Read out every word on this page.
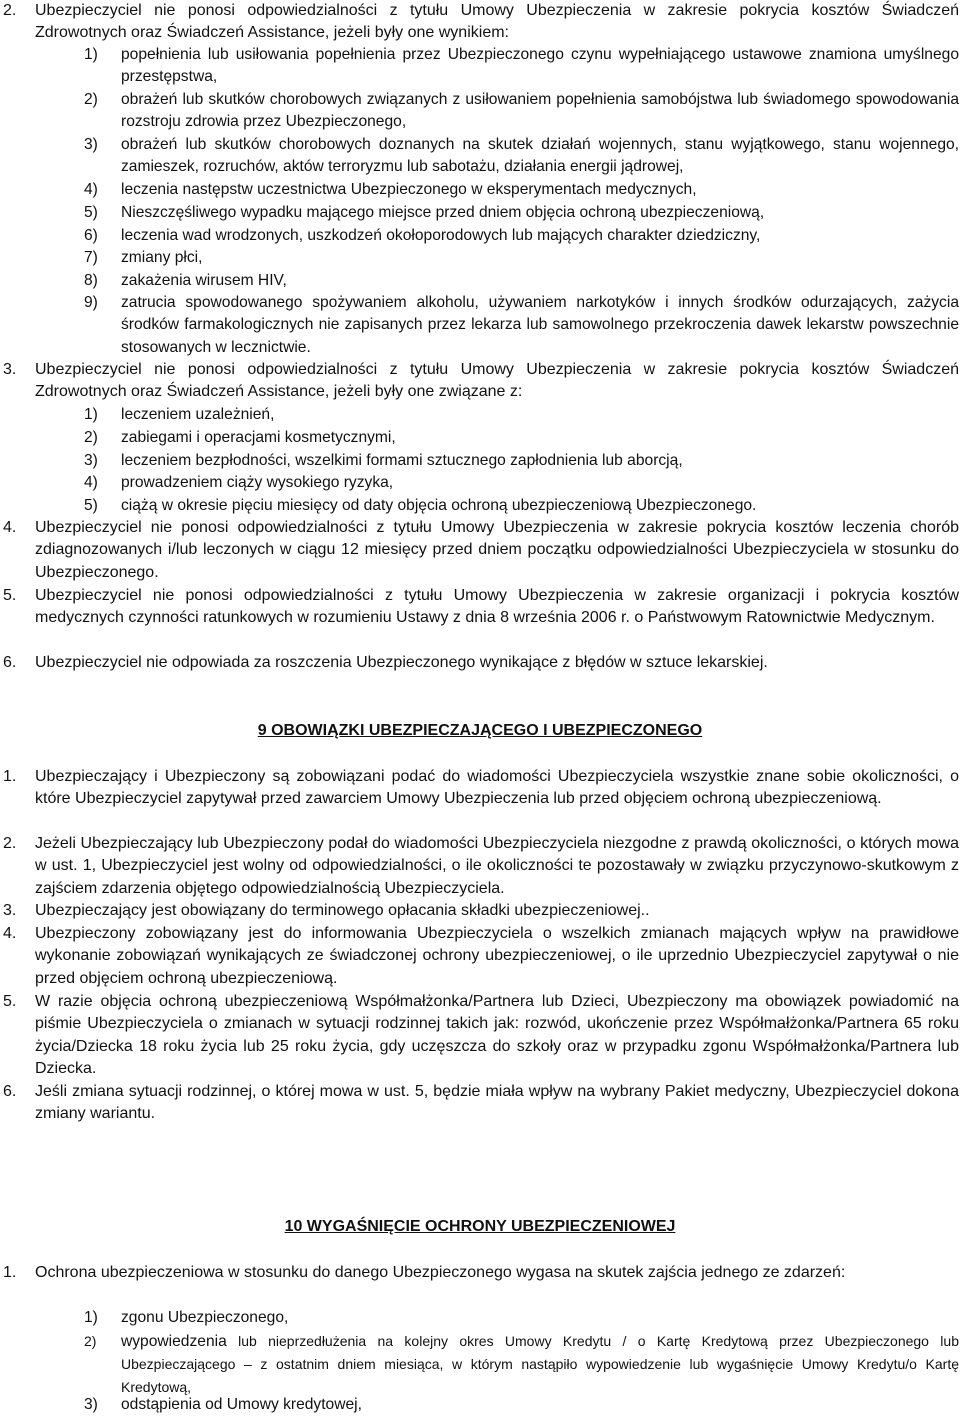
2. Ubezpieczyciel nie ponosi odpowiedzialności z tytułu Umowy Ubezpieczenia w zakresie pokrycia kosztów Świadczeń Zdrowotnych oraz Świadczeń Assistance, jeżeli były one wynikiem:
1) popełnienia lub usiłowania popełnienia przez Ubezpieczonego czynu wypełniającego ustawowe znamiona umyślnego przestępstwa,
2) obrażeń lub skutków chorobowych związanych z usiłowaniem popełnienia samobójstwa lub świadomego spowodowania rozstroju zdrowia przez Ubezpieczonego,
3) obrażeń lub skutków chorobowych doznanych na skutek działań wojennych, stanu wyjątkowego, stanu wojennego, zamieszek, rozruchów, aktów terroryzmu lub sabotażu, działania energii jądrowej,
4) leczenia następstw uczestnictwa Ubezpieczonego w eksperymentach medycznych,
5) Nieszczęśliwego wypadku mającego miejsce przed dniem objęcia ochroną ubezpieczeniową,
6) leczenia wad wrodzonych, uszkodzeń okołoporodowych lub mających charakter dziedziczny,
7) zmiany płci,
8) zakażenia wirusem HIV,
9) zatrucia spowodowanego spożywaniem alkoholu, używaniem narkotyków i innych środków odurzających, zażycia środków farmakologicznych nie zapisanych przez lekarza lub samowolnego przekroczenia dawek lekarstw powszechnie stosowanych w lecznictwie.
3. Ubezpieczyciel nie ponosi odpowiedzialności z tytułu Umowy Ubezpieczenia w zakresie pokrycia kosztów Świadczeń Zdrowotnych oraz Świadczeń Assistance, jeżeli były one związane z:
1) leczeniem uzależnień,
2) zabiegami i operacjami kosmetycznymi,
3) leczeniem bezpłodności, wszelkimi formami sztucznego zapłodnienia lub aborcją,
4) prowadzeniem ciąży wysokiego ryzyka,
5) ciążą w okresie pięciu miesięcy od daty objęcia ochroną ubezpieczeniową Ubezpieczonego.
4. Ubezpieczyciel nie ponosi odpowiedzialności z tytułu Umowy Ubezpieczenia w zakresie pokrycia kosztów leczenia chorób zdiagnozowanych i/lub leczonych w ciągu 12 miesięcy przed dniem początku odpowiedzialności Ubezpieczyciela w stosunku do Ubezpieczonego.
5. Ubezpieczyciel nie ponosi odpowiedzialności z tytułu Umowy Ubezpieczenia w zakresie organizacji i pokrycia kosztów medycznych czynności ratunkowych w rozumieniu Ustawy z dnia 8 września 2006 r. o Państwowym Ratownictwie Medycznym.
6. Ubezpieczyciel nie odpowiada za roszczenia Ubezpieczonego wynikające z błędów w sztuce lekarskiej.
9 OBOWIĄZKI UBEZPIECZAJĄCEGO I UBEZPIECZONEGO
1. Ubezpieczający i Ubezpieczony są zobowiązani podać do wiadomości Ubezpieczyciela wszystkie znane sobie okoliczności, o które Ubezpieczyciel zapytywał przed zawarciem Umowy Ubezpieczenia lub przed objęciem ochroną ubezpieczeniową.
2. Jeżeli Ubezpieczający lub Ubezpieczony podał do wiadomości Ubezpieczyciela niezgodne z prawdą okoliczności, o których mowa w ust. 1, Ubezpieczyciel jest wolny od odpowiedzialności, o ile okoliczności te pozostawały w związku przyczynowo-skutkowym z zajściem zdarzenia objętego odpowiedzialnością Ubezpieczyciela.
3. Ubezpieczający jest obowiązany do terminowego opłacania składki ubezpieczeniowej..
4. Ubezpieczony zobowiązany jest do informowania Ubezpieczyciela o wszelkich zmianach mających wpływ na prawidłowe wykonanie zobowiązań wynikających ze świadczonej ochrony ubezpieczeniowej, o ile uprzednio Ubezpieczyciel zapytywał o nie przed objęciem ochroną ubezpieczeniową.
5. W razie objęcia ochroną ubezpieczeniową Współmałżonka/Partnera lub Dzieci, Ubezpieczony ma obowiązek powiadomić na piśmie Ubezpieczyciela o zmianach w sytuacji rodzinnej takich jak: rozwód, ukończenie przez Współmałżonka/Partnera 65 roku życia/Dziecka 18 roku życia lub 25 roku życia, gdy uczęszcza do szkoły oraz w przypadku zgonu Współmałżonka/Partnera lub Dziecka.
6. Jeśli zmiana sytuacji rodzinnej, o której mowa w ust. 5, będzie miała wpływ na wybrany Pakiet medyczny, Ubezpieczyciel dokona zmiany wariantu.
10 WYGAŚNIĘCIE OCHRONY UBEZPIECZENIOWEJ
1. Ochrona ubezpieczeniowa w stosunku do danego Ubezpieczonego wygasa na skutek zajścia jednego ze zdarzeń:
1) zgonu Ubezpieczonego,
2) wypowiedzenia lub nieprzedłużenia na kolejny okres Umowy Kredytu / o Kartę Kredytową przez Ubezpieczonego lub Ubezpieczającego – z ostatnim dniem miesiąca, w którym nastąpiło wypowiedzenie lub wygaśnięcie Umowy Kredytu/o Kartę Kredytową,
3) odstąpienia od Umowy kredytowej,
